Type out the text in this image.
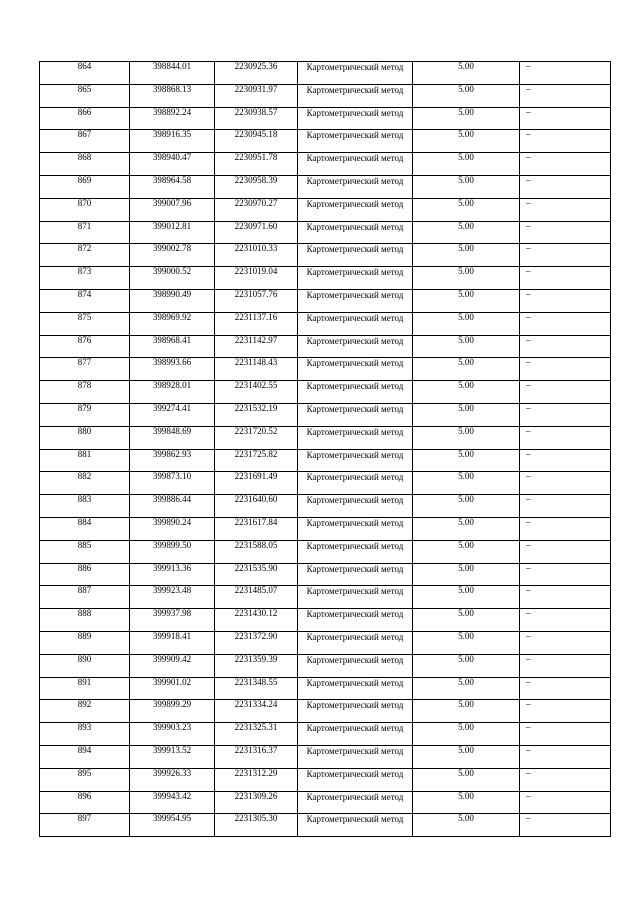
864	398844.01	2230925.36	Картометрический метод	5.00	–
865	398868.13	2230931.97	Картометрический метод	5.00	–
866	398892.24	2230938.57	Картометрический метод	5.00	–
867	398916.35	2230945.18	Картометрический метод	5.00	–
868	398940.47	2230951.78	Картометрический метод	5.00	–
869	398964.58	2230958.39	Картометрический метод	5.00	–
870	399007.96	2230970.27	Картометрический метод	5.00	–
871	399012.81	2230971.60	Картометрический метод	5.00	–
872	399002.78	2231010.33	Картометрический метод	5.00	–
873	399000.52	2231019.04	Картометрический метод	5.00	–
874	398990.49	2231057.76	Картометрический метод	5.00	–
875	398969.92	2231137.16	Картометрический метод	5.00	–
876	398968.41	2231142.97	Картометрический метод	5.00	–
877	398993.66	2231148.43	Картометрический метод	5.00	–
878	398928.01	2231402.55	Картометрический метод	5.00	–
879	399274.41	2231532.19	Картометрический метод	5.00	–
880	399848.69	2231720.52	Картометрический метод	5.00	–
881	399862.93	2231725.82	Картометрический метод	5.00	–
882	399873.10	2231691.49	Картометрический метод	5.00	–
883	399886.44	2231640.60	Картометрический метод	5.00	–
884	399890.24	2231617.84	Картометрический метод	5.00	–
885	399899.50	2231588.05	Картометрический метод	5.00	–
886	399913.36	2231535.90	Картометрический метод	5.00	–
887	399923.48	2231485.07	Картометрический метод	5.00	–
888	399937.98	2231430.12	Картометрический метод	5.00	–
889	399918.41	2231372.90	Картометрический метод	5.00	–
890	399909.42	2231359.39	Картометрический метод	5.00	–
891	399901.02	2231348.55	Картометрический метод	5.00	–
892	399899.29	2231334.24	Картометрический метод	5.00	–
893	399903.23	2231325.31	Картометрический метод	5.00	–
894	399913.52	2231316.37	Картометрический метод	5.00	–
895	399926.33	2231312.29	Картометрический метод	5.00	–
896	399943.42	2231309.26	Картометрический метод	5.00	–
897	399954.95	2231305.30	Картометрический метод	5.00	–
